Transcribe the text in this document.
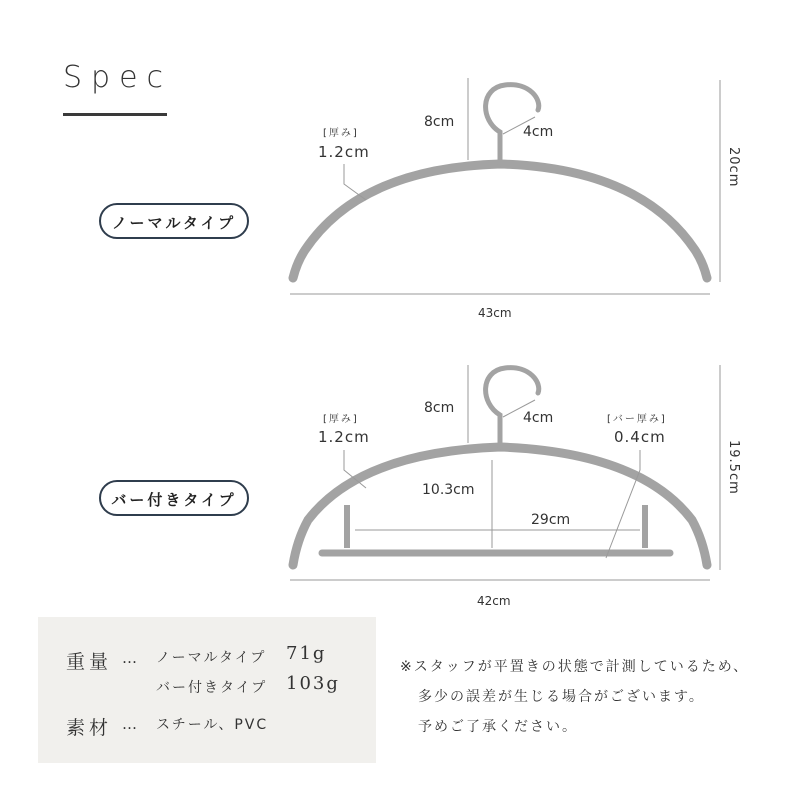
Spec
ノーマルタイプ
[厚み]
1.2cm
8cm
4cm
20cm
43cm
バー付きタイプ
[厚み]
1.2cm
[バー厚み]
0.4cm
8cm
4cm
10.3cm
29cm
19.5cm
42cm
重量 … ノーマルタイプ 71g
バー付きタイプ 103g
素材 … スチール、PVC
※スタッフが平置きの状態で計測しているため、
多少の誤差が生じる場合がございます。
予めご了承ください。
